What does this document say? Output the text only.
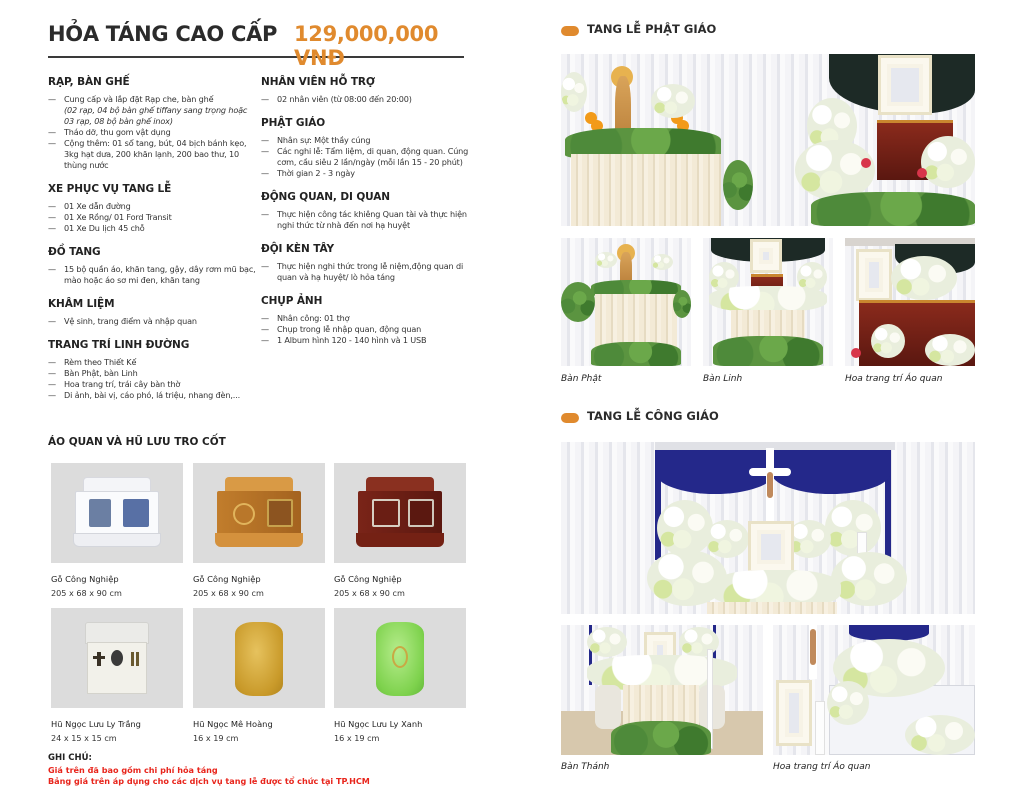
HỎA TÁNG CAO CẤP 129,000,000 VNĐ
RẠP, BÀN GHẾ
— Cung cấp và lắp đặt Rạp che, bàn ghế
(02 rạp, 04 bộ bàn ghế tiffany sang trọng hoặc 03 rạp, 08 bộ bàn ghế inox)
— Tháo dỡ, thu gom vật dụng
— Cộng thêm: 01 sổ tang, bút, 04 bịch bánh kẹo, 3kg hạt dưa, 200 khăn lạnh, 200 bao thư, 10 thùng nước
XE PHỤC VỤ TANG LỄ
— 01 Xe dẫn đường
— 01 Xe Rồng/ 01 Ford Transit
— 01 Xe Du lịch 45 chỗ
ĐỒ TANG
— 15 bộ quần áo, khăn tang, gậy, dây rơm mũ bạc, mào hoặc áo sơ mi đen, khăn tang
KHÂM LIỆM
— Vệ sinh, trang điểm và nhập quan
TRANG TRÍ LINH ĐƯỜNG
— Rèm theo Thiết Kế
— Bàn Phật, bàn Linh
— Hoa trang trí, trái cây bàn thờ
— Di ảnh, bài vị, cáo phó, lá triệu, nhang đèn,...
NHÂN VIÊN HỖ TRỢ
— 02 nhân viên (từ 08:00 đến 20:00)
PHẬT GIÁO
— Nhân sự: Một thầy cúng
— Các nghi lễ: Tẩm liệm, di quan, động quan. Cúng cơm, cầu siêu 2 lần/ngày (mỗi lần 15 - 20 phút)
— Thời gian 2 - 3 ngày
ĐỘNG QUAN, DI QUAN
— Thực hiện công tác khiêng Quan tài và thực hiện nghi thức từ nhà đến nơi hạ huyệt
ĐỘI KÈN TÂY
— Thực hiện nghi thức trong lễ niệm,động quan di quan và hạ huyệt/ lò hỏa táng
CHỤP ẢNH
— Nhân công: 01 thợ
— Chụp trong lễ nhập quan, động quan
— 1 Album hình 120 - 140 hình và 1 USB
ÁO QUAN VÀ HŨ LƯU TRO CỐT
Gỗ Công Nghiệp
205 x 68 x 90 cm
Gỗ Công Nghiệp
205 x 68 x 90 cm
Gỗ Công Nghiệp
205 x 68 x 90 cm
Hũ Ngọc Lưu Ly Trắng
24 x 15 x 15 cm
Hũ Ngọc Mê Hoàng
16 x 19 cm
Hũ Ngọc Lưu Ly Xanh
16 x 19 cm
GHI CHÚ:
Giá trên đã bao gồm chi phí hỏa táng
Bảng giá trên áp dụng cho các dịch vụ tang lễ được tổ chức tại TP.HCM
TANG LỄ PHẬT GIÁO
Bàn Phật	Bàn Linh	Hoa trang trí Áo quan
TANG LỄ CÔNG GIÁO
Bàn Thánh	Hoa trang trí Áo quan
